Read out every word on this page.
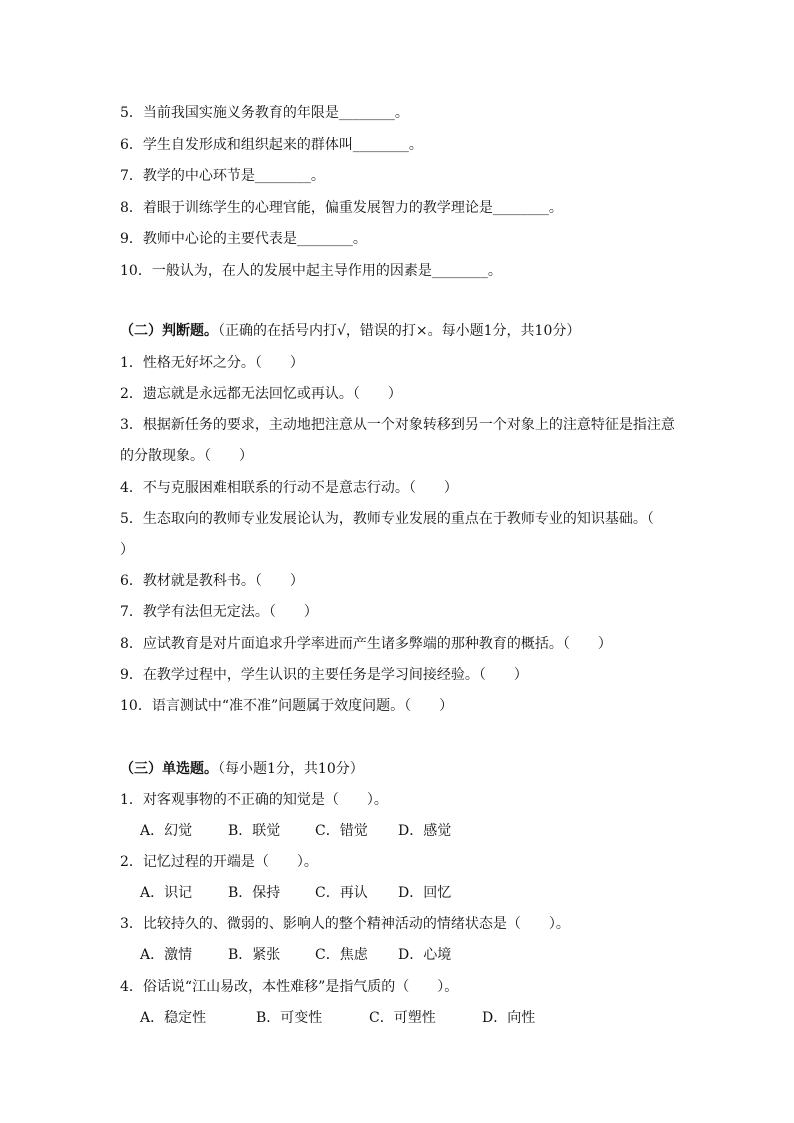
5．当前我国实施义务教育的年限是________。
6．学生自发形成和组织起来的群体叫________。
7．教学的中心环节是________。
8．着眼于训练学生的心理官能，偏重发展智力的教学理论是________。
9．教师中心论的主要代表是________。
10．一般认为，在人的发展中起主导作用的因素是________。
（二）判断题。（正确的在括号内打√，错误的打×。每小题1分，共10分）
1．性格无好坏之分。（　　）
2．遗忘就是永远都无法回忆或再认。（　　）
3．根据新任务的要求，主动地把注意从一个对象转移到另一个对象上的注意特征是指注意
的分散现象。（　　）
4．不与克服困难相联系的行动不是意志行动。（　　）
5．生态取向的教师专业发展论认为，教师专业发展的重点在于教师专业的知识基础。（
）
6．教材就是教科书。（　　）
7．教学有法但无定法。（　　）
8．应试教育是对片面追求升学率进而产生诸多弊端的那种教育的概括。（　　）
9．在教学过程中，学生认识的主要任务是学习间接经验。（　　）
10．语言测试中“准不准”问题属于效度问题。（　　）
（三）单选题。（每小题1分，共10分）
1．对客观事物的不正确的知觉是（　　）。
A．幻觉	B．联觉 C．错觉 D．感觉
2．记忆过程的开端是（　　）。
A．识记	B．保持 C．再认 D．回忆
3．比较持久的、微弱的、影响人的整个精神活动的情绪状态是（　　）。
A．激情	B．紧张 C．焦虑 D．心境
4．俗话说“江山易改，本性难移”是指气质的（　　）。
A．稳定性	B．可变性	C．可塑性	D．向性
